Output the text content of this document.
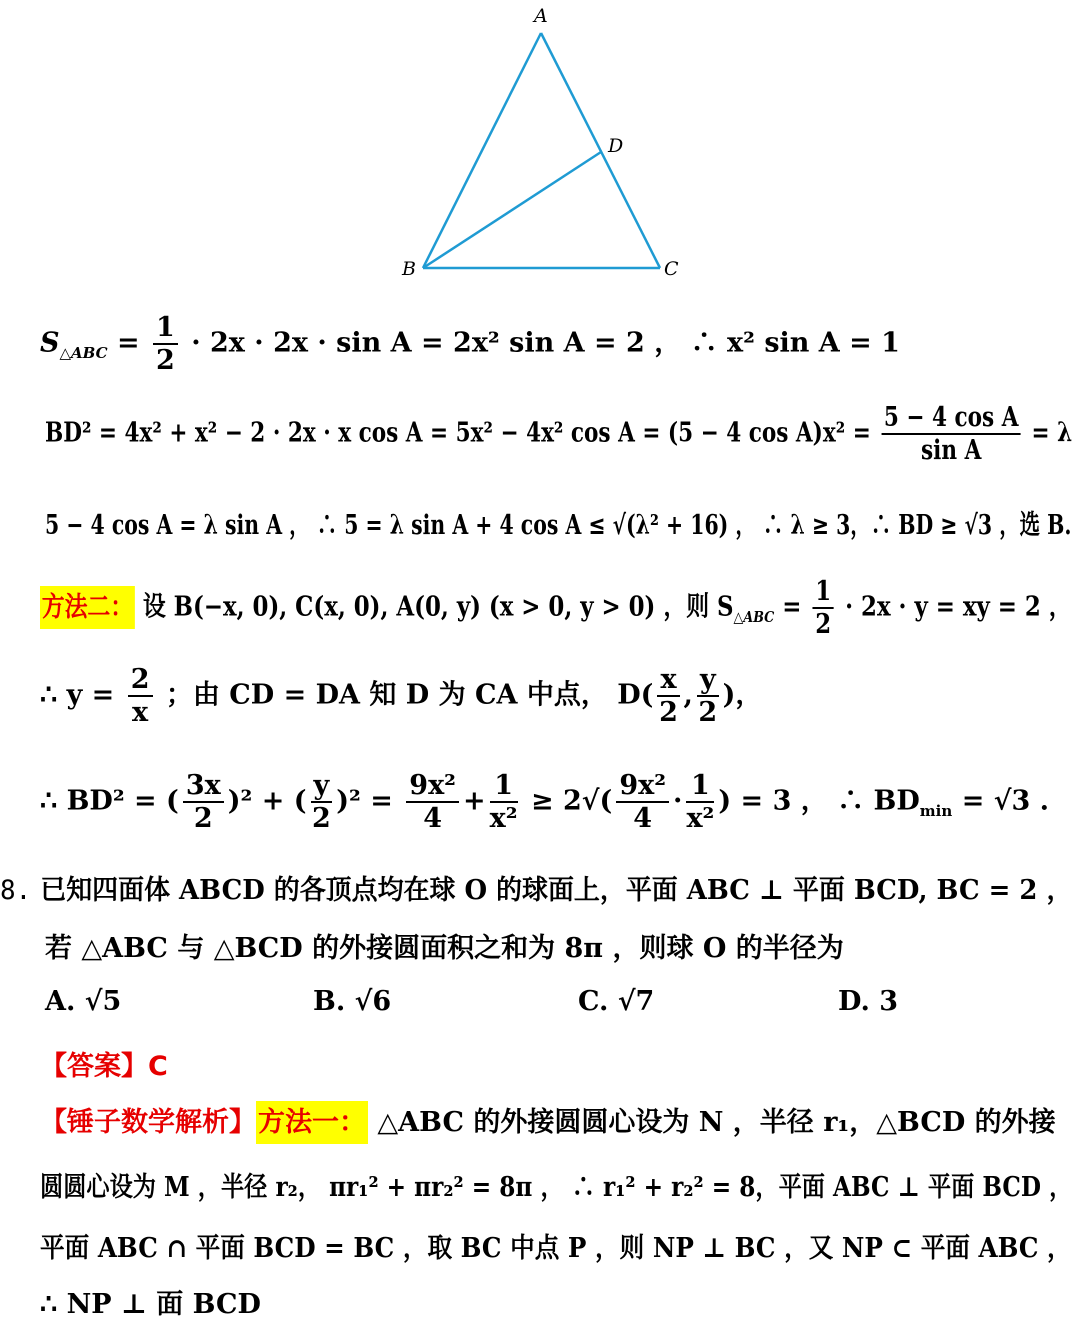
A
B	C
D
$S_{\triangle ABC} = \frac{1}{2} \cdot 2x \cdot 2x \cdot \sin A = 2x^2$ sin A = 2 ， ∴ x² sin A = 1
BD² = 4x² + x² − 2 · 2x · x cos A = 5x² − 4x² cos A = (5 − 4 $\cos A)x^2 = \frac{\text{5 − 4 cos A}}{\text{sin A}} = \lambda$
5 − 4 cos A = λ sin A ， ∴ 5 = λ sin A + 4 cos A ≤ √(λ² + 16) ， ∴ λ ≥ 3，∴ BD ≥ √3 ，选 B.
方法二： 设 B(−x, 0), C(x, 0), A(0, y) (x > 0, y > 0) ，则 $S_{\triangle ABC} = \frac{1}{2} \cdot 2x \cdot y$ = xy = 2 ，
∴ $y = \frac{2}{x}$ ；由 CD = DA 知 D 为 CA 中点， $D( \frac{x}{2}$ , $\frac{y}{2}$ )，
∴ BD² = ( $\frac{3x}{2} )^2$ + ( $\frac{y}{2} )^2 = \frac{\text{9x²}}{4} + \frac{1}{\text{x²}} \ge 2√( \frac{\text{9x²}}{4} \cdot \frac{1}{\text{x²}}$ ) = 3 ， ∴ $BD_{min} = √3$ .
8. 已知四面体 ABCD 的各顶点均在球 O 的球面上，平面 ABC ⊥ 平面 BCD, BC = 2 ，
若 △ABC 与 △BCD 的外接圆面积之和为 8π ，则球 O 的半径为
A. √5	B. √6	C. √7	D. 3
【答案】C
【锤子数学解析】方法一： △ABC 的外接圆圆心设为 N ，半径 r₁，△BCD 的外接
圆圆心设为 M ，半径 r₂， πr₁² + πr₂² = 8π ， ∴ r₁² + r₂² = 8，平面 ABC ⊥ 平面 BCD ，
平面 ABC ∩ 平面 BCD = BC ，取 BC 中点 P ，则 NP ⊥ BC ，又 NP ⊂ 平面 ABC ，
∴ NP ⊥ 面 BCD
